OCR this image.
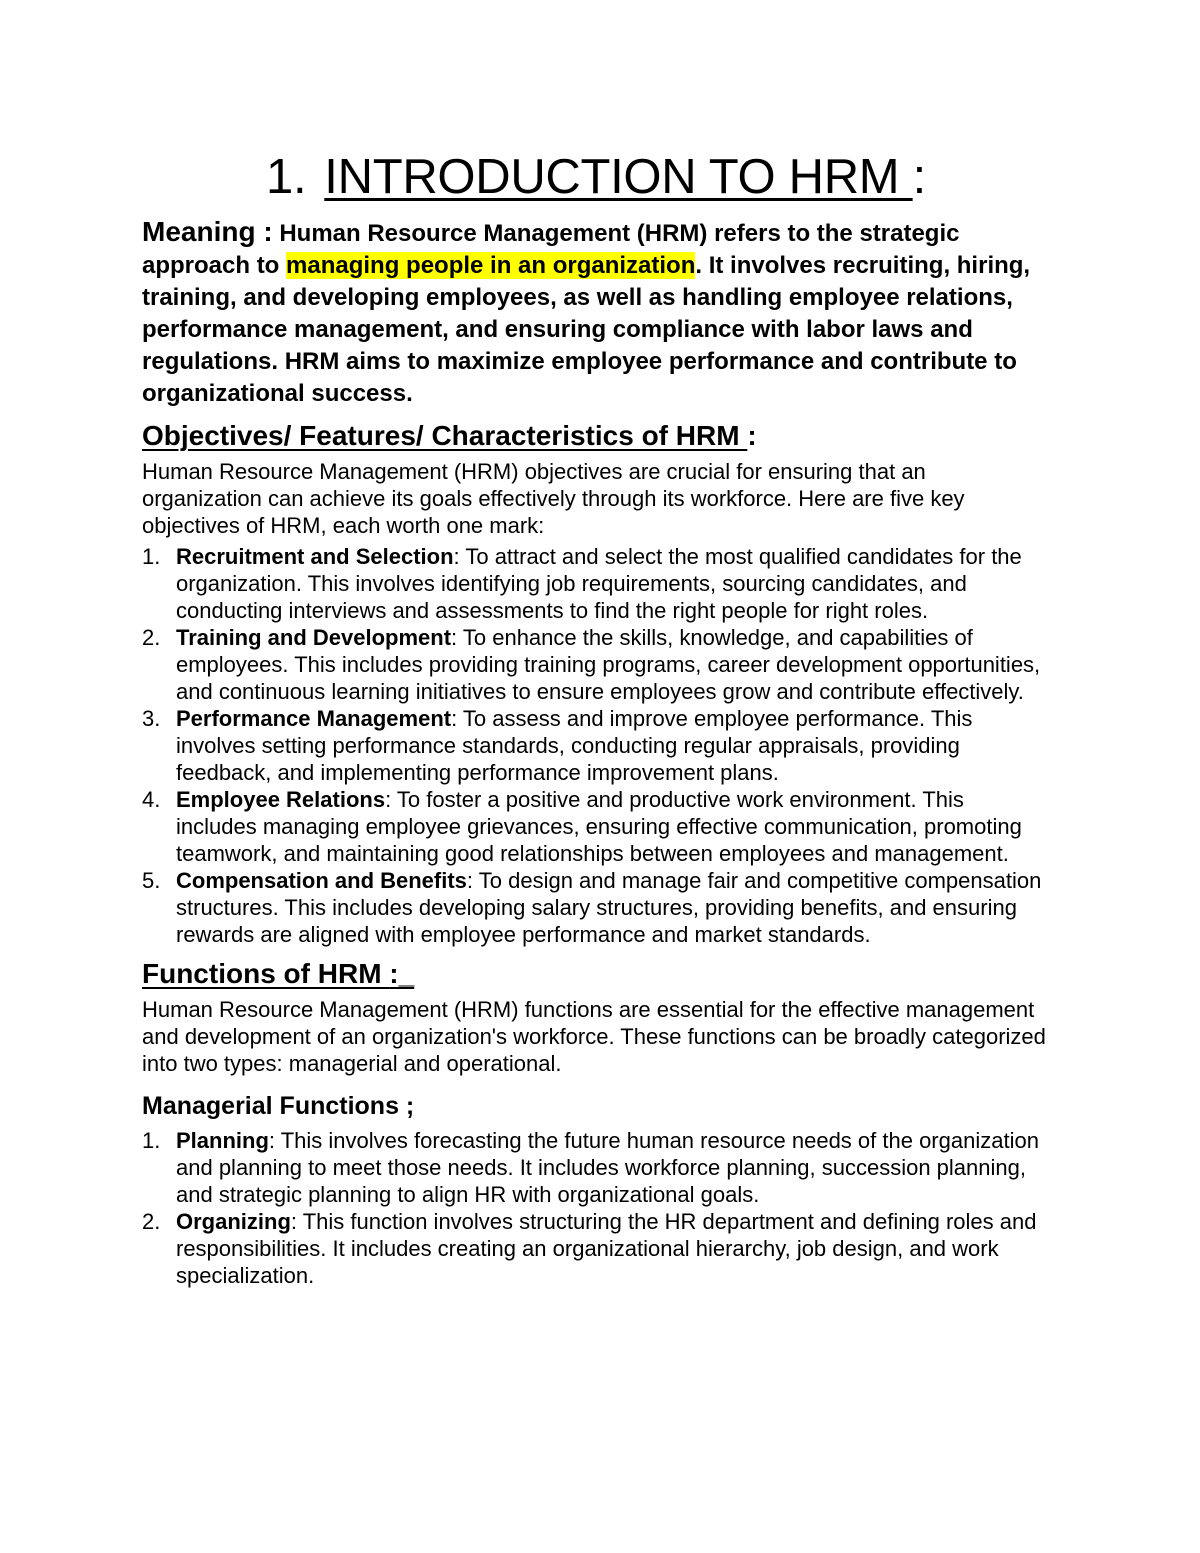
1. INTRODUCTION TO HRM :

Meaning : Human Resource Management (HRM) refers to the strategic approach to managing people in an organization. It involves recruiting, hiring, training, and developing employees, as well as handling employee relations, performance management, and ensuring compliance with labor laws and regulations. HRM aims to maximize employee performance and contribute to organizational success.

Objectives/ Features/ Characteristics of HRM :

Human Resource Management (HRM) objectives are crucial for ensuring that an organization can achieve its goals effectively through its workforce. Here are five key objectives of HRM, each worth one mark:

1. Recruitment and Selection: To attract and select the most qualified candidates for the organization. This involves identifying job requirements, sourcing candidates, and conducting interviews and assessments to find the right people for right roles.
2. Training and Development: To enhance the skills, knowledge, and capabilities of employees. This includes providing training programs, career development opportunities, and continuous learning initiatives to ensure employees grow and contribute effectively.
3. Performance Management: To assess and improve employee performance. This involves setting performance standards, conducting regular appraisals, providing feedback, and implementing performance improvement plans.
4. Employee Relations: To foster a positive and productive work environment. This includes managing employee grievances, ensuring effective communication, promoting teamwork, and maintaining good relationships between employees and management.
5. Compensation and Benefits: To design and manage fair and competitive compensation structures. This includes developing salary structures, providing benefits, and ensuring rewards are aligned with employee performance and market standards.
Functions of HRM :_

Human Resource Management (HRM) functions are essential for the effective management and development of an organization's workforce. These functions can be broadly categorized into two types: managerial and operational.

Managerial Functions ;
1. Planning: This involves forecasting the future human resource needs of the organization and planning to meet those needs. It includes workforce planning, succession planning, and strategic planning to align HR with organizational goals.
2. Organizing: This function involves structuring the HR department and defining roles and responsibilities. It includes creating an organizational hierarchy, job design, and work specialization.
